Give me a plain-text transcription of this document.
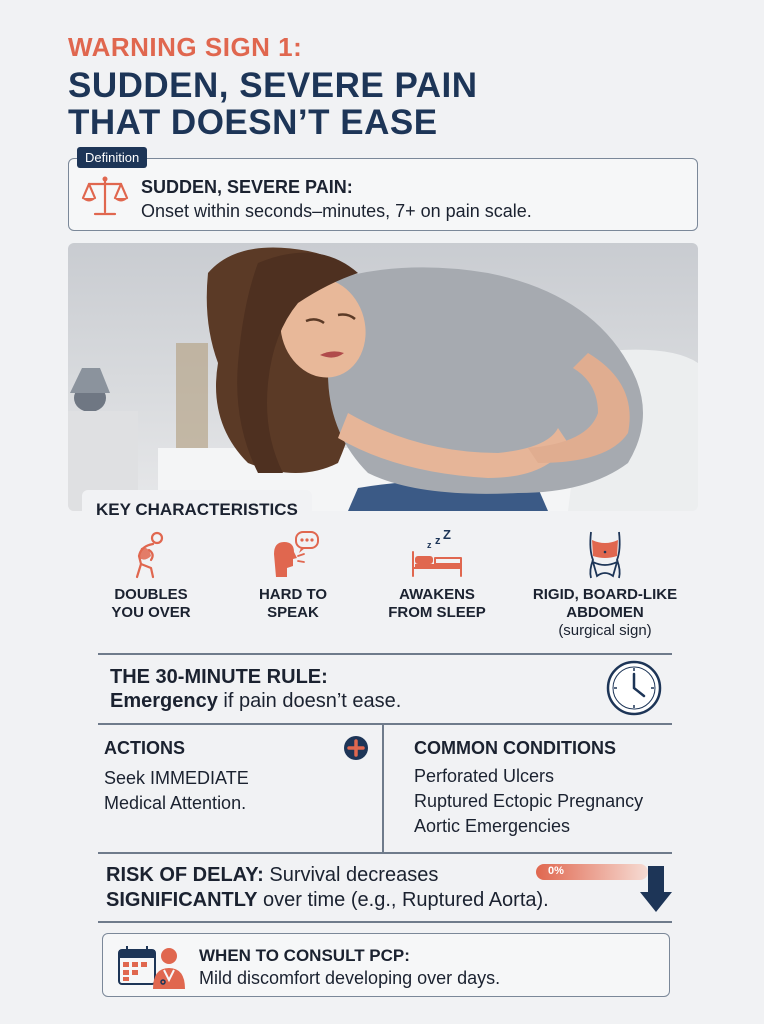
WARNING SIGN 1:
SUDDEN, SEVERE PAIN
THAT DOESN’T EASE
SUDDEN, SEVERE PAIN:
Onset within seconds–minutes, 7+ on pain scale.
Definition
KEY CHARACTERISTICS
DOUBLES
YOU OVER
HARD TO
SPEAK
z z Z
AWAKENS
FROM SLEEP
RIGID, BOARD-LIKE
ABDOMEN
(surgical sign)
THE 30-MINUTE RULE:
Emergency if pain doesn’t ease.
ACTIONS
Seek IMMEDIATE
Medical Attention.
COMMON CONDITIONS
Perforated Ulcers
Ruptured Ectopic Pregnancy
Aortic Emergencies
RISK OF DELAY: Survival decreases
SIGNIFICANTLY over time (e.g., Ruptured Aorta).
0%
WHEN TO CONSULT PCP:
Mild discomfort developing over days.
